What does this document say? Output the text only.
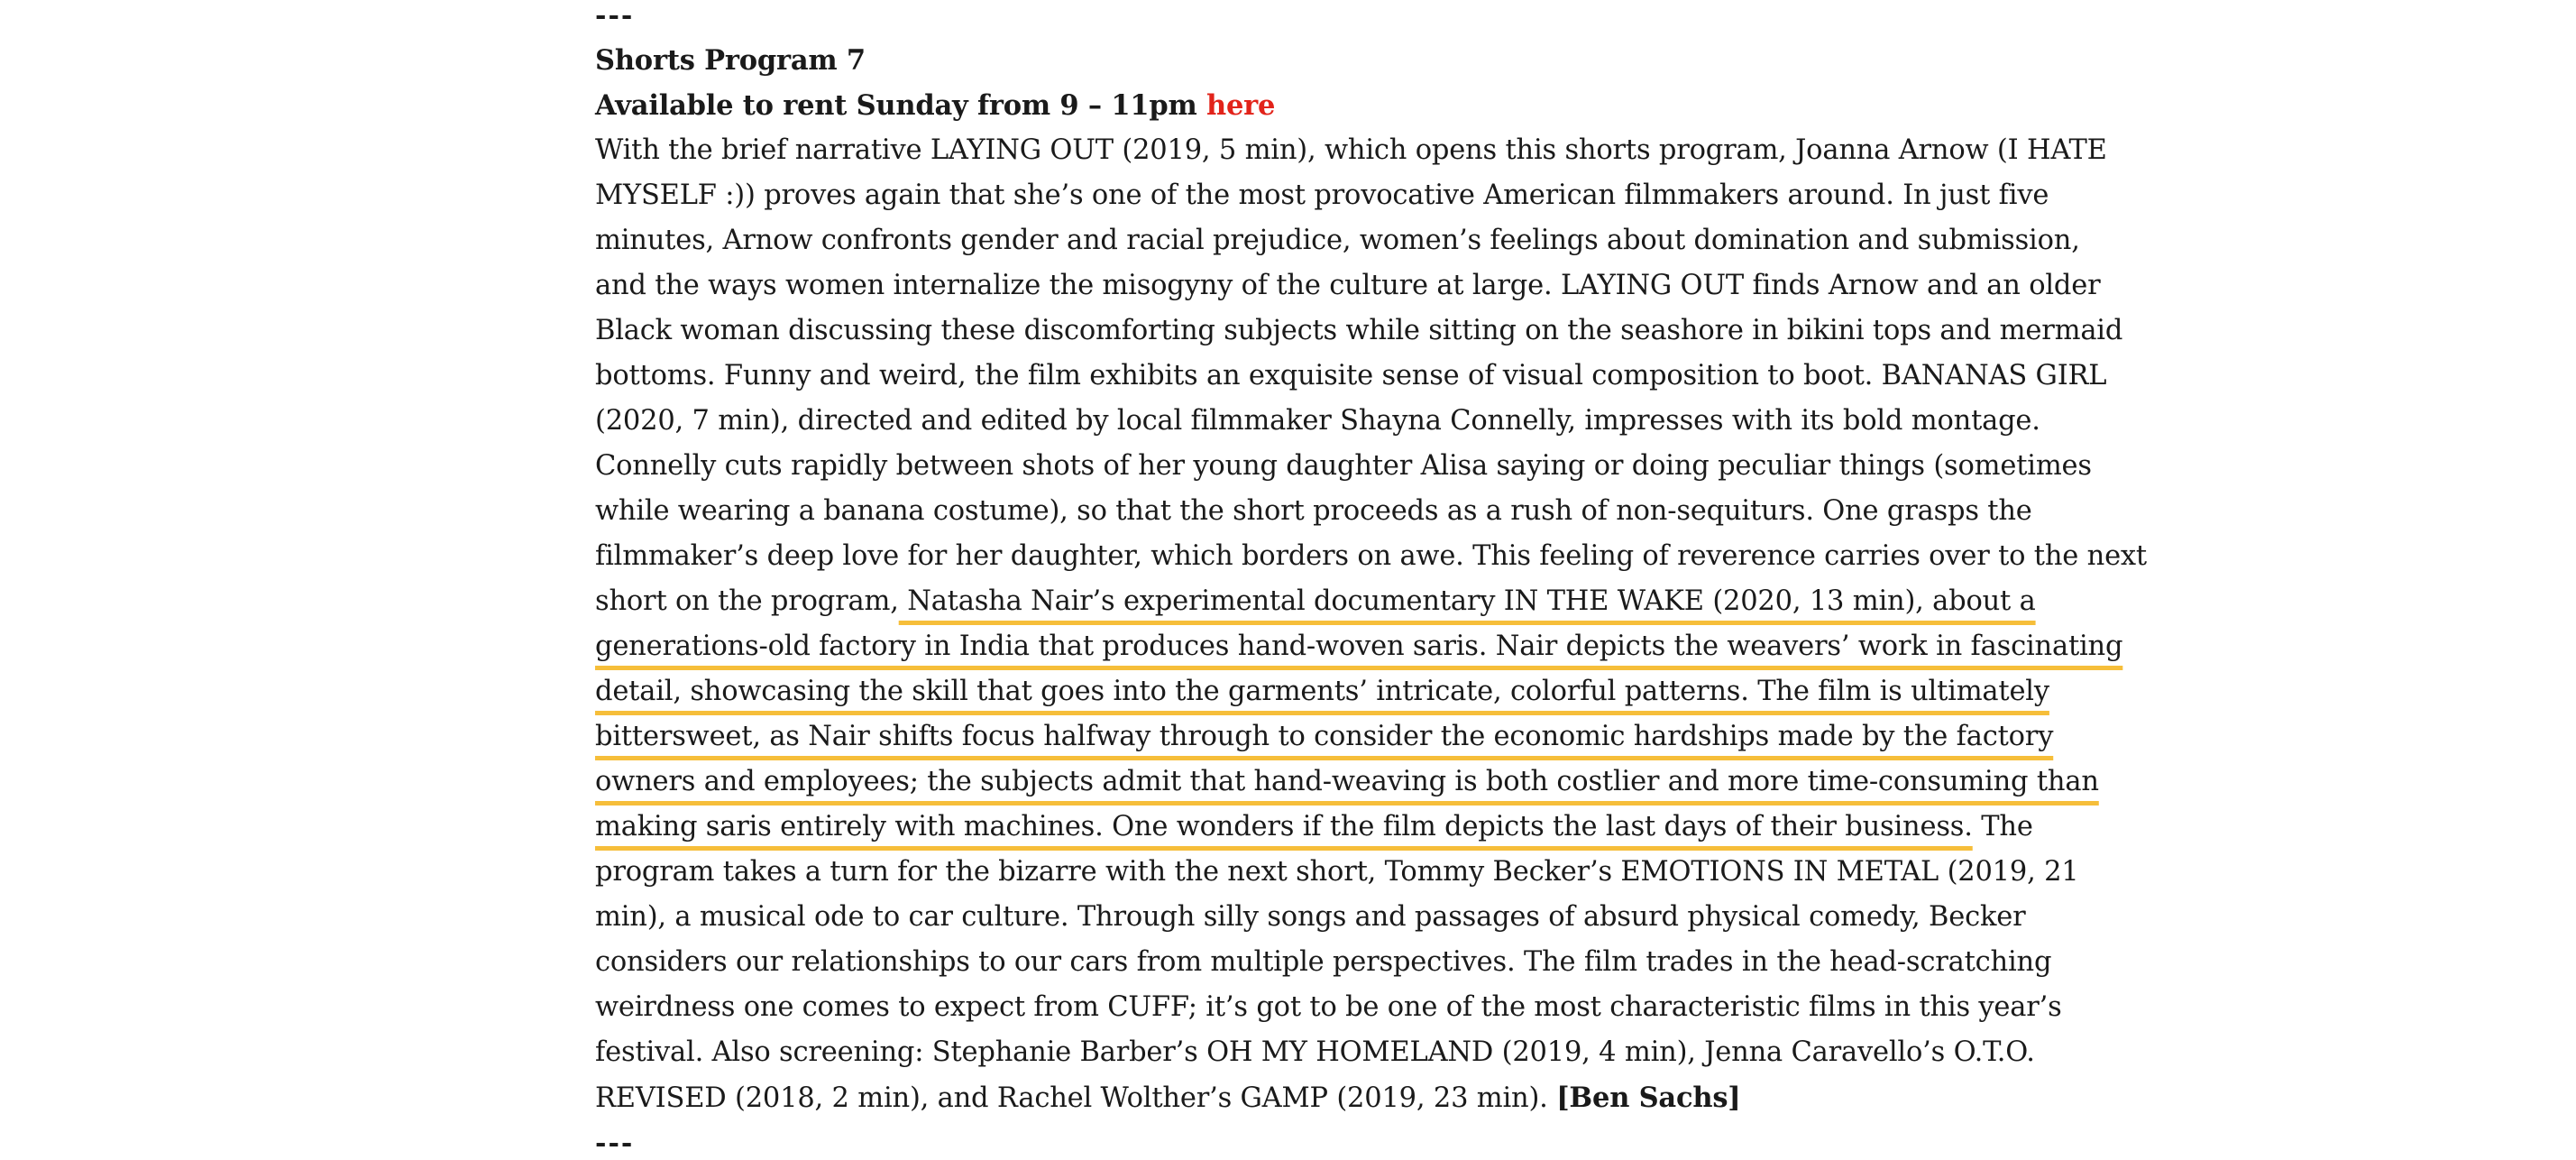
---
Shorts Program 7
Available to rent Sunday from 9 – 11pm here
With the brief narrative LAYING OUT (2019, 5 min), which opens this shorts program, Joanna Arnow (I HATE
MYSELF :)) proves again that she’s one of the most provocative American filmmakers around. In just five
minutes, Arnow confronts gender and racial prejudice, women’s feelings about domination and submission,
and the ways women internalize the misogyny of the culture at large. LAYING OUT finds Arnow and an older
Black woman discussing these discomforting subjects while sitting on the seashore in bikini tops and mermaid
bottoms. Funny and weird, the film exhibits an exquisite sense of visual composition to boot. BANANAS GIRL
(2020, 7 min), directed and edited by local filmmaker Shayna Connelly, impresses with its bold montage.
Connelly cuts rapidly between shots of her young daughter Alisa saying or doing peculiar things (sometimes
while wearing a banana costume), so that the short proceeds as a rush of non-sequiturs. One grasps the
filmmaker’s deep love for her daughter, which borders on awe. This feeling of reverence carries over to the next
short on the program, Natasha Nair’s experimental documentary IN THE WAKE (2020, 13 min), about a
generations-old factory in India that produces hand-woven saris. Nair depicts the weavers’ work in fascinating
detail, showcasing the skill that goes into the garments’ intricate, colorful patterns. The film is ultimately
bittersweet, as Nair shifts focus halfway through to consider the economic hardships made by the factory
owners and employees; the subjects admit that hand-weaving is both costlier and more time-consuming than
making saris entirely with machines. One wonders if the film depicts the last days of their business. The
program takes a turn for the bizarre with the next short, Tommy Becker’s EMOTIONS IN METAL (2019, 21
min), a musical ode to car culture. Through silly songs and passages of absurd physical comedy, Becker
considers our relationships to our cars from multiple perspectives. The film trades in the head-scratching
weirdness one comes to expect from CUFF; it’s got to be one of the most characteristic films in this year’s
festival. Also screening: Stephanie Barber’s OH MY HOMELAND (2019, 4 min), Jenna Caravello’s O.T.O.
REVISED (2018, 2 min), and Rachel Wolther’s GAMP (2019, 23 min). [Ben Sachs]
---
